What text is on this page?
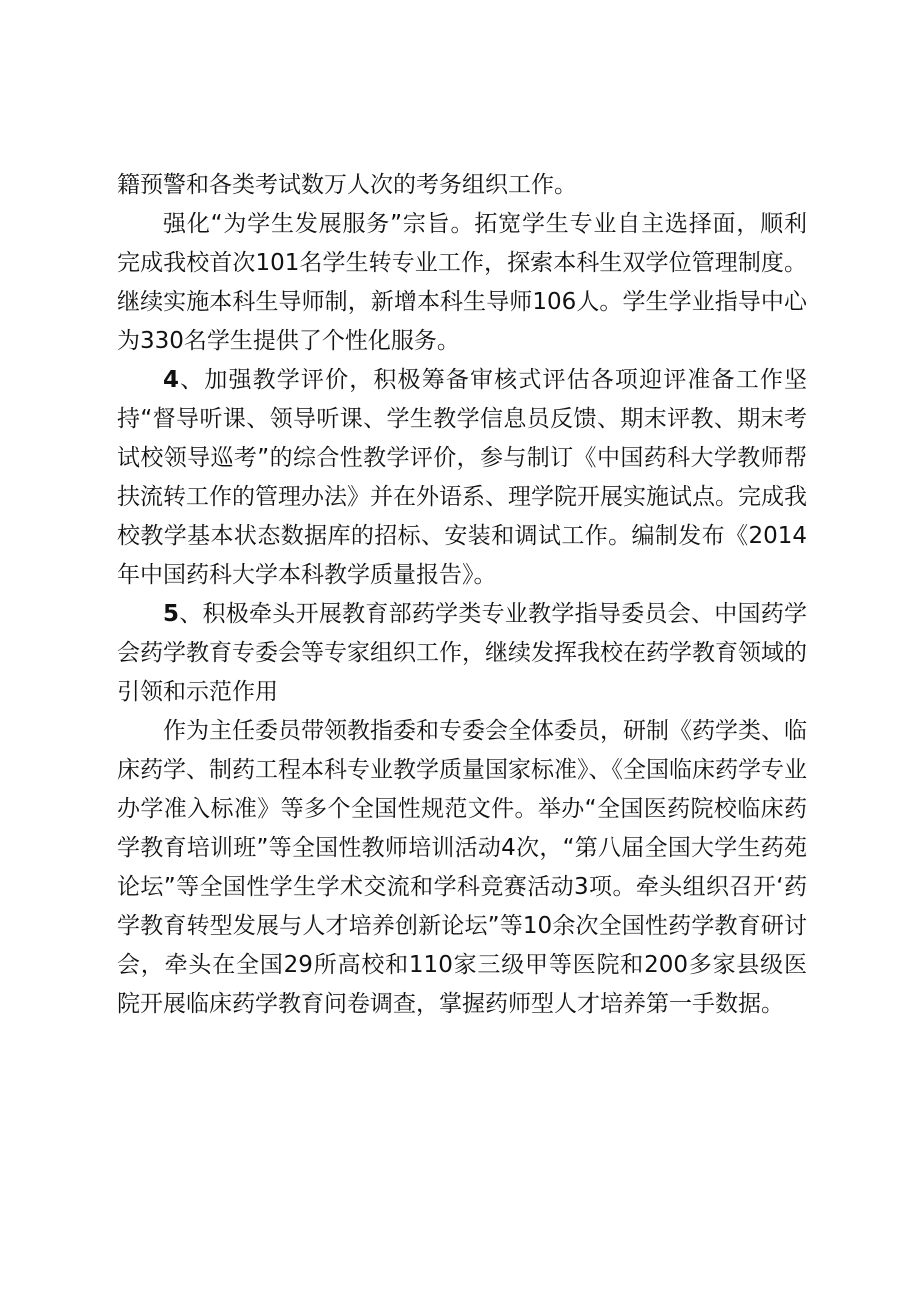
籍预警和各类考试数万人次的考务组织工作。

强化“为学生发展服务”宗旨。拓宽学生专业自主选择面，顺利完成我校首次101名学生转专业工作，探索本科生双学位管理制度。继续实施本科生导师制，新增本科生导师106人。学生学业指导中心为330名学生提供了个性化服务。

4、加强教学评价，积极筹备审核式评估各项迎评准备工作坚持“督导听课、领导听课、学生教学信息员反馈、期末评教、期末考试校领导巡考”的综合性教学评价，参与制订《中国药科大学教师帮扶流转工作的管理办法》并在外语系、理学院开展实施试点。完成我校教学基本状态数据库的招标、安装和调试工作。编制发布《2014年中国药科大学本科教学质量报告》。

5、积极牵头开展教育部药学类专业教学指导委员会、中国药学会药学教育专委会等专家组织工作，继续发挥我校在药学教育领域的引领和示范作用

作为主任委员带领教指委和专委会全体委员，研制《药学类、临床药学、制药工程本科专业教学质量国家标准》、《全国临床药学专业办学准入标准》等多个全国性规范文件。举办“全国医药院校临床药学教育培训班”等全国性教师培训活动4次，“第八届全国大学生药苑论坛”等全国性学生学术交流和学科竞赛活动3项。牵头组织召开‘药学教育转型发展与人才培养创新论坛”等10余次全国性药学教育研讨会，牵头在全国29所高校和110家三级甲等医院和200多家县级医院开展临床药学教育问卷调查，掌握药师型人才培养第一手数据。
